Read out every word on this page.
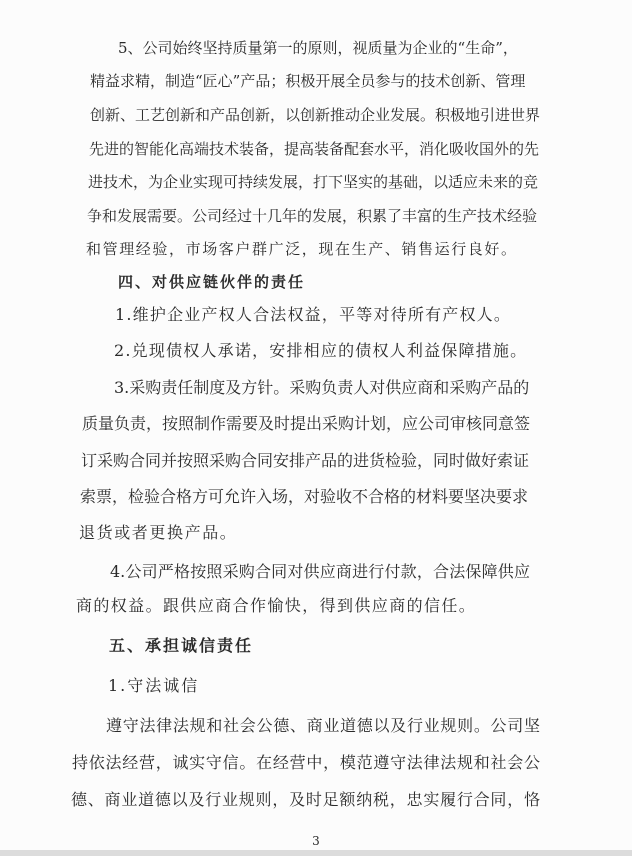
5、公司始终坚持质量第一的原则，视质量为企业的“生命”，
精益求精，制造“匠心”产品；积极开展全员参与的技术创新、管理
创新、工艺创新和产品创新，以创新推动企业发展。积极地引进世界
先进的智能化高端技术装备，提高装备配套水平，消化吸收国外的先
进技术，为企业实现可持续发展，打下坚实的基础，以适应未来的竞
争和发展需要。公司经过十几年的发展，积累了丰富的生产技术经验
和管理经验，市场客户群广泛，现在生产、销售运行良好。
四、对供应链伙伴的责任
1.维护企业产权人合法权益，平等对待所有产权人。
2.兑现债权人承诺，安排相应的债权人利益保障措施。
3.采购责任制度及方针。采购负责人对供应商和采购产品的
质量负责，按照制作需要及时提出采购计划，应公司审核同意签
订采购合同并按照采购合同安排产品的进货检验，同时做好索证
索票，检验合格方可允许入场，对验收不合格的材料要坚决要求
退货或者更换产品。
4.公司严格按照采购合同对供应商进行付款，合法保障供应
商的权益。跟供应商合作愉快，得到供应商的信任。
五、承担诚信责任
1.守法诚信
遵守法律法规和社会公德、商业道德以及行业规则。公司坚
持依法经营，诚实守信。在经营中，模范遵守法律法规和社会公
德、商业道德以及行业规则，及时足额纳税，忠实履行合同，恪
3
